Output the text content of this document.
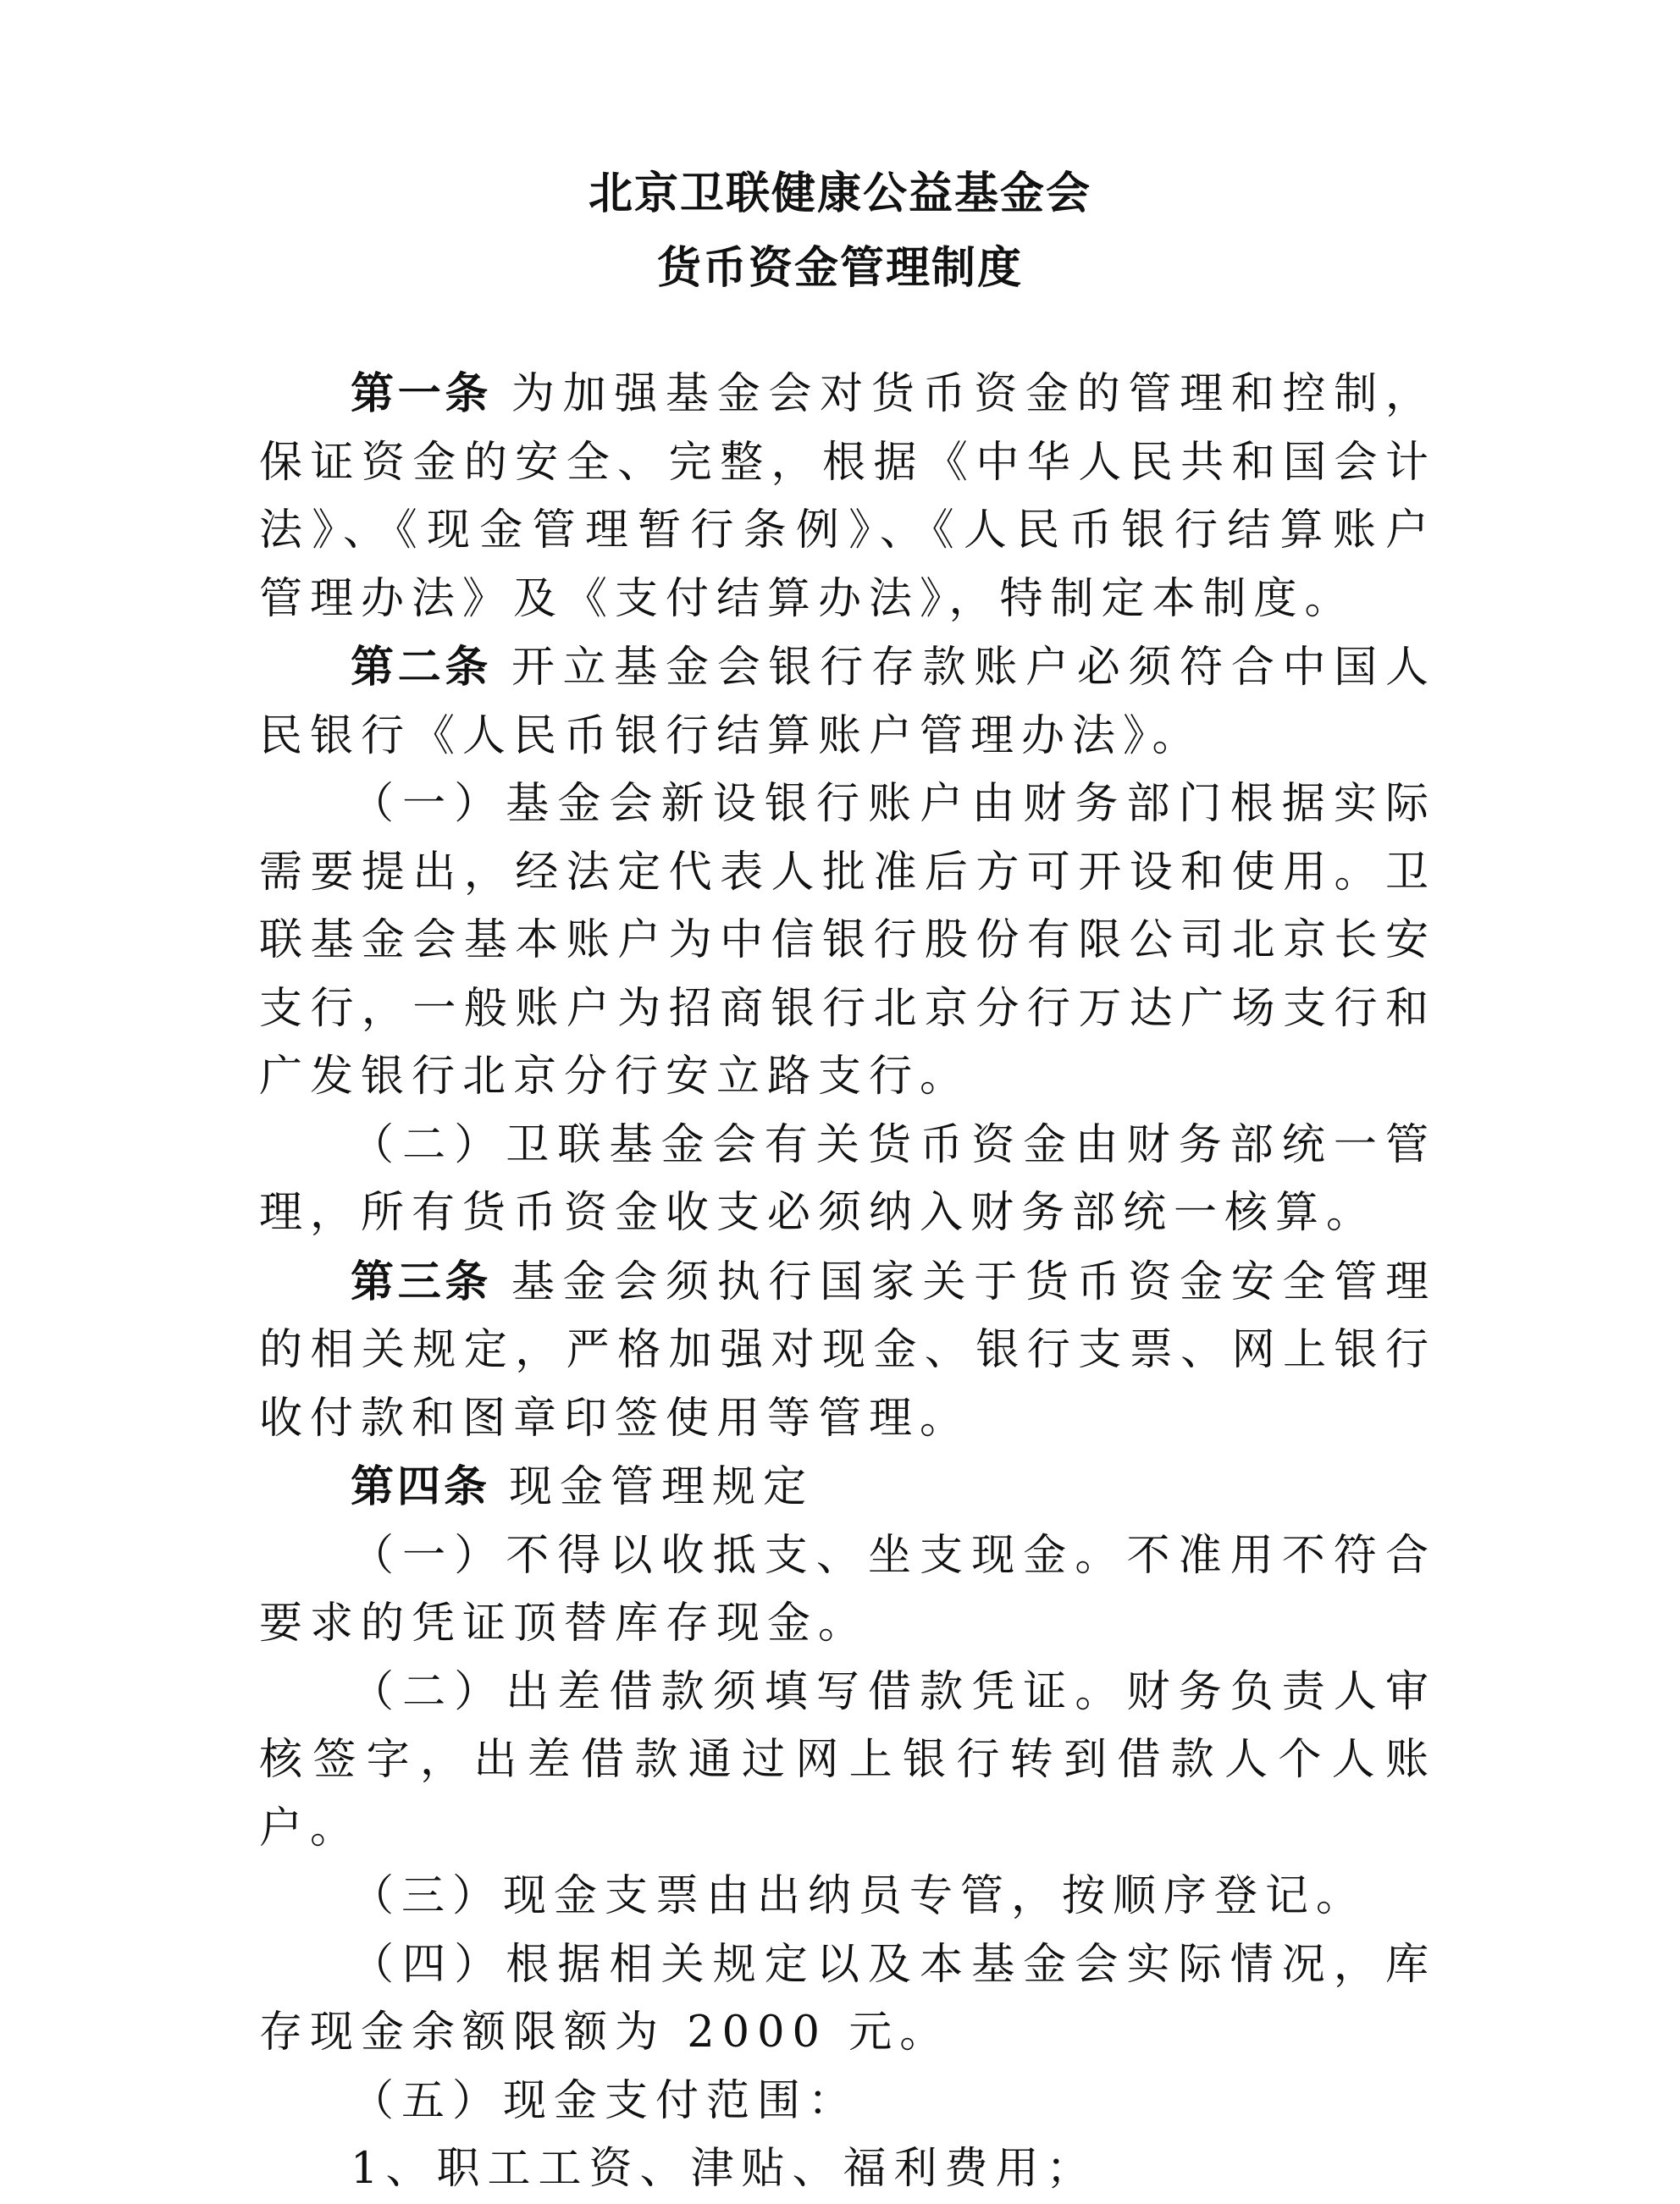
北京卫联健康公益基金会
货币资金管理制度

第一条 为加强基金会对货币资金的管理和控制，保证资金的安全、完整，根据《中华人民共和国会计法》、《现金管理暂行条例》、《人民币银行结算账户管理办法》及《支付结算办法》，特制定本制度。

第二条 开立基金会银行存款账户必须符合中国人民银行《人民币银行结算账户管理办法》。

（一）基金会新设银行账户由财务部门根据实际需要提出，经法定代表人批准后方可开设和使用。卫联基金会基本账户为中信银行股份有限公司北京长安支行，一般账户为招商银行北京分行万达广场支行和广发银行北京分行安立路支行。

（二）卫联基金会有关货币资金由财务部统一管理，所有货币资金收支必须纳入财务部统一核算。

第三条 基金会须执行国家关于货币资金安全管理的相关规定，严格加强对现金、银行支票、网上银行收付款和图章印签使用等管理。

第四条 现金管理规定

（一）不得以收抵支、坐支现金。不准用不符合要求的凭证顶替库存现金。

（二）出差借款须填写借款凭证。财务负责人审核签字，出差借款通过网上银行转到借款人个人账户。

（三）现金支票由出纳员专管，按顺序登记。

（四）根据相关规定以及本基金会实际情况，库存现金余额限额为 2000 元。

（五）现金支付范围：

1、职工工资、津贴、福利费用；
